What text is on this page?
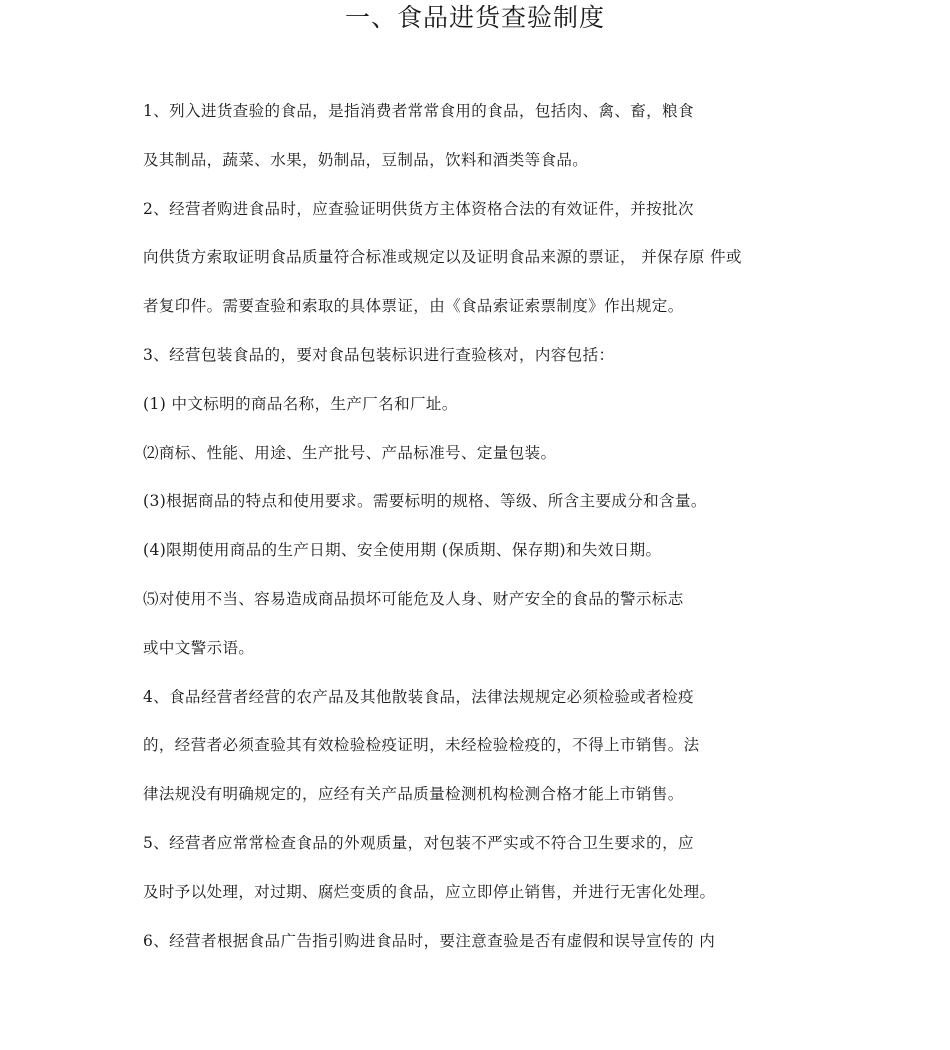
一、食品进货查验制度
1、列入进货查验的食品，是指消费者常常食用的食品，包括肉、禽、畜，粮食
及其制品，蔬菜、水果，奶制品，豆制品，饮料和酒类等食品。
2、经营者购进食品时，应查验证明供货方主体资格合法的有效证件，并按批次
向供货方索取证明食品质量符合标准或规定以及证明食品来源的票证， 并保存原 件或
者复印件。需要查验和索取的具体票证，由《食品索证索票制度》作出规定。
3、经营包装食品的，要对食品包装标识进行查验核对，内容包括：
(1) 中文标明的商品名称，生产厂名和厂址。
⑵商标、性能、用途、生产批号、产品标准号、定量包装。
(3)根据商品的特点和使用要求。需要标明的规格、等级、所含主要成分和含量。
(4)限期使用商品的生产日期、安全使用期 (保质期、保存期)和失效日期。
⑸对使用不当、容易造成商品损坏可能危及人身、财产安全的食品的警示标志
或中文警示语。
4、食品经营者经营的农产品及其他散装食品，法律法规规定必须检验或者检疫
的，经营者必须查验其有效检验检疫证明，未经检验检疫的，不得上市销售。法
律法规没有明确规定的，应经有关产品质量检测机构检测合格才能上市销售。
5、经营者应常常检查食品的外观质量，对包装不严实或不符合卫生要求的，应
及时予以处理，对过期、腐烂变质的食品，应立即停止销售，并进行无害化处理。
6、经营者根据食品广告指引购进食品时，要注意查验是否有虚假和误导宣传的 内
